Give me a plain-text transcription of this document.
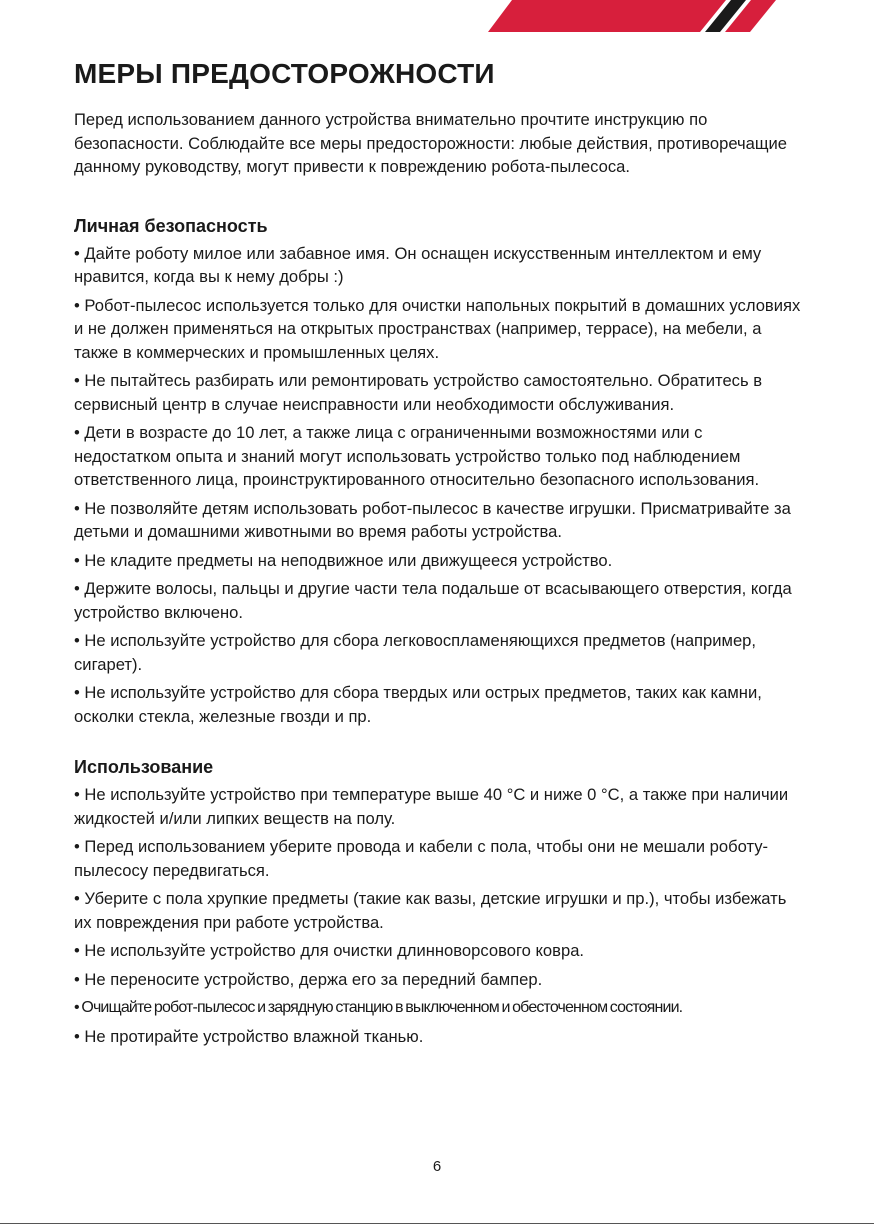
МЕРЫ ПРЕДОСТОРОЖНОСТИ

Перед использованием данного устройства внимательно прочтите инструкцию по безопасности. Соблюдайте все меры предосторожности: любые действия, противоречащие данному руководству, могут привести к повреждению робота-пылесоса.

Личная безопасность
• Дайте роботу милое или забавное имя. Он оснащен искусственным интеллектом и ему нравится, когда вы к нему добры :)
• Робот-пылесос используется только для очистки напольных покрытий в домашних условиях и не должен применяться на открытых пространствах (например, террасе), на мебели, а также в коммерческих и промышленных целях.
• Не пытайтесь разбирать или ремонтировать устройство самостоятельно. Обратитесь в сервисный центр в случае неисправности или необходимости обслуживания.
• Дети в возрасте до 10 лет, а также лица с ограниченными возможностями или с недостатком опыта и знаний могут использовать устройство только под наблюдением ответственного лица, проинструктированного относительно безопасного использования.
• Не позволяйте детям использовать робот-пылесос в качестве игрушки. Присматривайте за детьми и домашними животными во время работы устройства.
• Не кладите предметы на неподвижное или движущееся устройство.
• Держите волосы, пальцы и другие части тела подальше от всасывающего отверстия, когда устройство включено.
• Не используйте устройство для сбора легковоспламеняющихся предметов (например, сигарет).
• Не используйте устройство для сбора твердых или острых предметов, таких как камни, осколки стекла, железные гвозди и пр.
Использование
• Не используйте устройство при температуре выше 40 °С и ниже 0 °С, а также при наличии жидкостей и/или липких веществ на полу.
• Перед использованием уберите провода и кабели с пола, чтобы они не мешали роботу-пылесосу передвигаться.
• Уберите с пола хрупкие предметы (такие как вазы, детские игрушки и пр.), чтобы избежать их повреждения при работе устройства.
• Не используйте устройство для очистки длинноворсового ковра.
• Не переносите устройство, держа его за передний бампер.
• Очищайте робот-пылесос и зарядную станцию в выключенном и обесточенном состоянии.
• Не протирайте устройство влажной тканью.
6
